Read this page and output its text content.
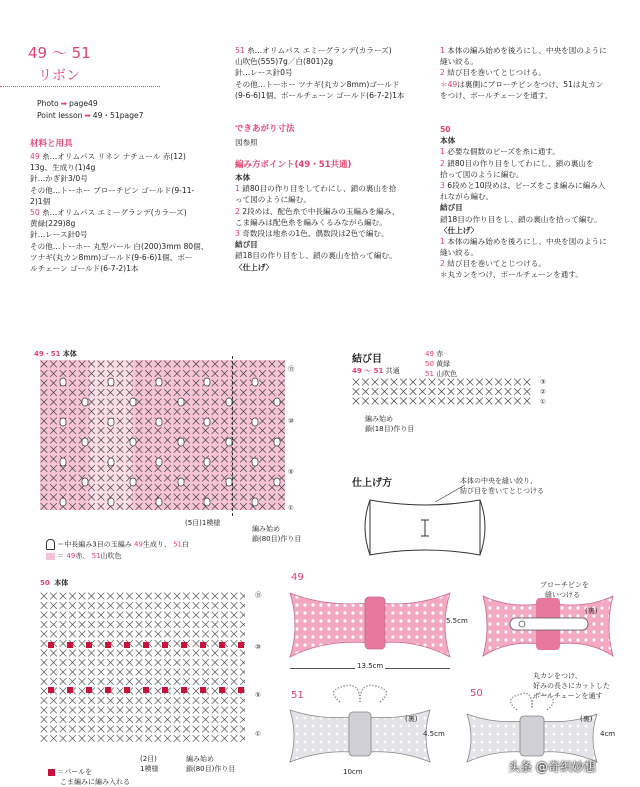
49 ～ 51
リボン
Photo ➡ page49
Point lesson ➡ 49・51page7
材料と用具
49 糸…オリムパス リネン ナチュール 赤(12)
13g、生成り(1)4g
針…かぎ針3/0号
その他…トーホー ブローチピン ゴールド(9-11-
2)1個
50 糸…オリムパス エミーグランデ(カラーズ)
黄緑(229)8g
針…レース針0号
その他…トーホー 丸型パール 白(200)3mm 80個、
ツナギ(丸カン8mm)ゴールド(9-6-6)1個、ボー
ルチェーン ゴールド(6-7-2)1本
51 糸…オリムパス エミーグランデ(カラーズ)
山吹色(555)7g／白(801)2g
針…レース針0号
その他…トーホー ツナギ(丸カン8mm)ゴールド
(9-6-6)1個、ボールチェーン ゴールド(6-7-2)1本
できあがり寸法
図参照
編み方ポイント(49・51共通)
本体
1 鎖80目の作り目をしてわにし、鎖の裏山を拾
って図のように編む。
2 2段めは、配色糸で中長編みの玉編みを編み、
こま編みは配色糸を編みくるみながら編む。
3 奇数段は地糸の1色、偶数段は2色で編む。
結び目
鎖18目の作り目をし、鎖の裏山を拾って編む。
〈仕上げ〉
1 本体の編み始めを後ろにし、中央を図のように
縫い絞る。
2 結び目を巻いてとじつける。
＊49は裏側にブローチピンをつけ、51は丸カン
をつけ、ボールチェーンを通す。
50
本体
1 必要な個数のビーズを糸に通す。
2 鎖80目の作り目をしてわにし、鎖の裏山を
拾って図のように編む。
3 6段めと10段めは、ビーズをこま編みに編み入
れながら編む。
結び目
鎖18目の作り目をし、鎖の裏山を拾って編む。
〈仕上げ〉
1 本体の編み始めを後ろにし、中央を図のように
縫い絞る。
2 結び目を巻いてとじつける。
＊丸カンをつけ、ボールチェーンを通す。
49・51 本体
⑮
⑩
⑤
①
(5目)1模様
編み始め
鎖(80目)作り目
＝中長編み3目の玉編み 49生成り、 51白
＝ 49赤、 51山吹色
結び目
49 ～ 51 共通
49 赤
50 黄緑
51 山吹色
③
②
①
編み始め
鎖(18目)作り目
仕上げ方	本体の中央を縫い絞り、
結び目を巻いてとじつける
50 本体
⑮
⑩
⑤
①
(2目)
1模様
編み始め
鎖(80目)作り目
＝パールを
こま編みに編み入れる
49
5.5cm
13.5cm
ブローチピンを
縫いつける
(裏)
51
(裏)
4.5cm
10cm
50
丸カンをつけ、
好みの長さにカットした
ボールチェーンを通す
(裏)
4cm
头条 @奇织妙想
